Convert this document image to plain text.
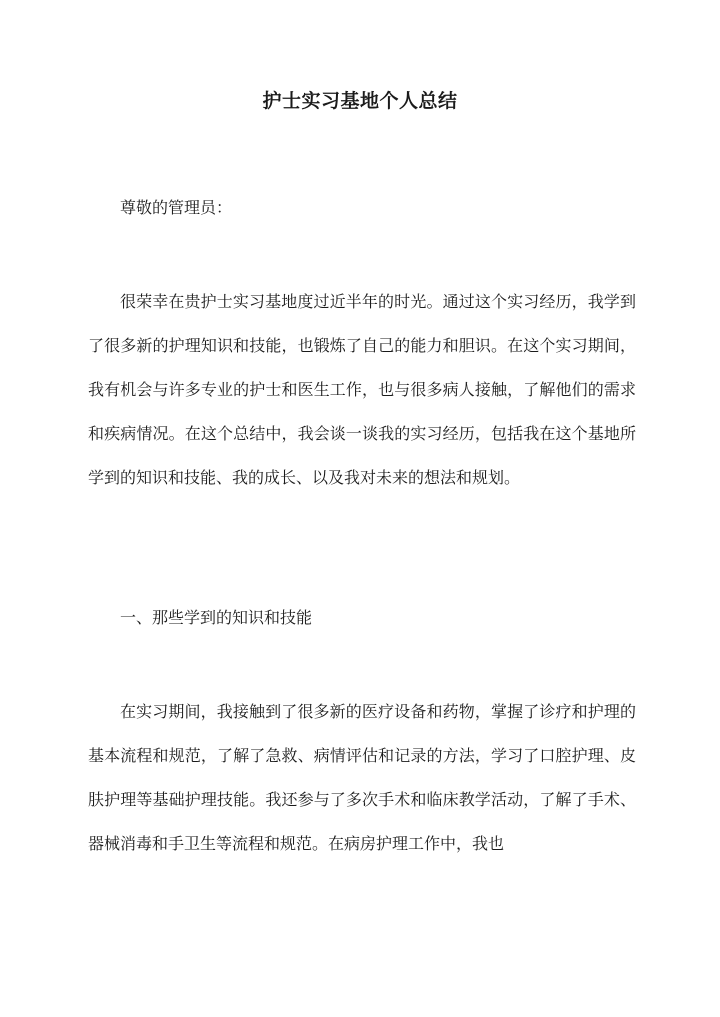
护士实习基地个人总结

尊敬的管理员：

很荣幸在贵护士实习基地度过近半年的时光。通过这个实习经历，我学到了很多新的护理知识和技能，也锻炼了自己的能力和胆识。在这个实习期间，我有机会与许多专业的护士和医生工作，也与很多病人接触，了解他们的需求和疾病情况。在这个总结中，我会谈一谈我的实习经历，包括我在这个基地所学到的知识和技能、我的成长、以及我对未来的想法和规划。

一、那些学到的知识和技能

在实习期间，我接触到了很多新的医疗设备和药物，掌握了诊疗和护理的基本流程和规范，了解了急救、病情评估和记录的方法，学习了口腔护理、皮肤护理等基础护理技能。我还参与了多次手术和临床教学活动，了解了手术、器械消毒和手卫生等流程和规范。在病房护理工作中，我也
